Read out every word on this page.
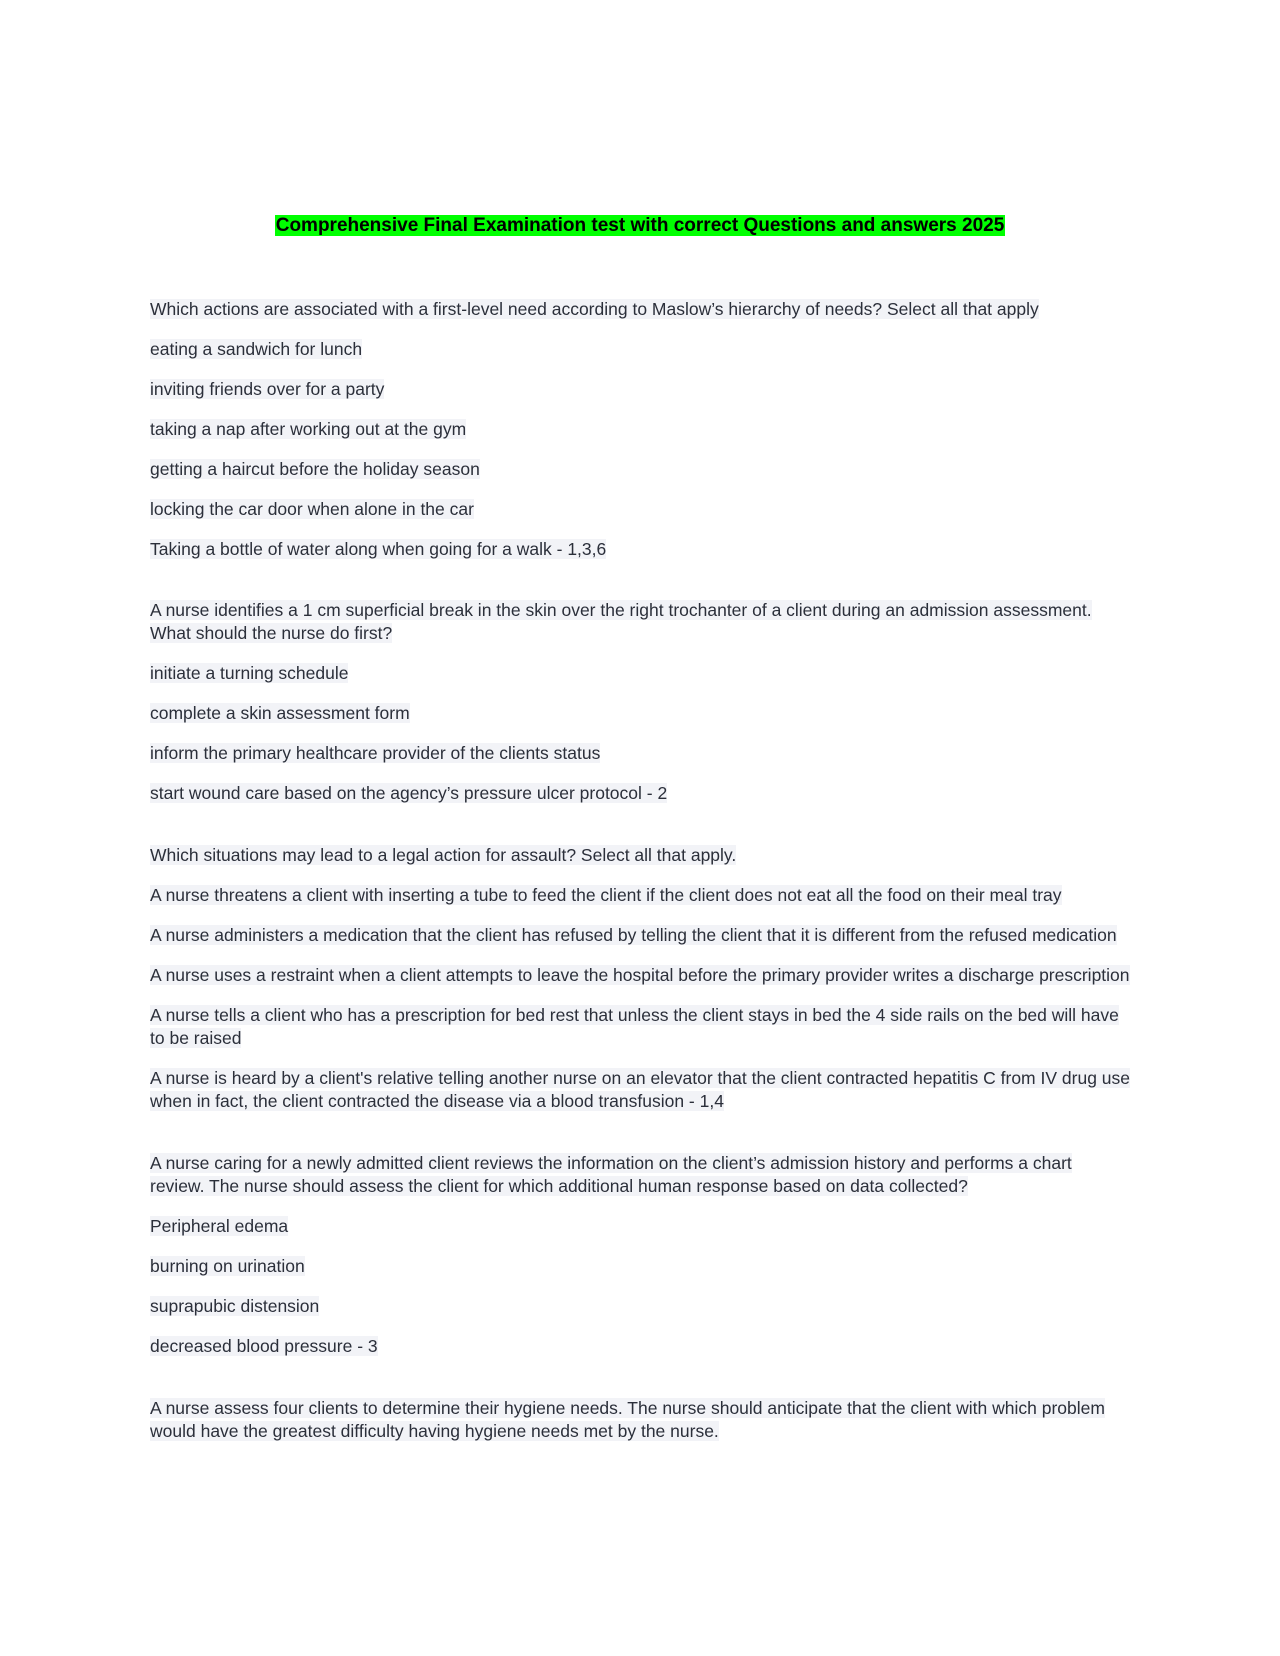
Comprehensive Final Examination test with correct Questions and answers 2025
Which actions are associated with a first-level need according to Maslow’s hierarchy of needs? Select all that apply
eating a sandwich for lunch
inviting friends over for a party
taking a nap after working out at the gym
getting a haircut before the holiday season
locking the car door when alone in the car
Taking a bottle of water along when going for a walk - 1,3,6
A nurse identifies a 1 cm superficial break in the skin over the right trochanter of a client during an admission assessment. What should the nurse do first?
initiate a turning schedule
complete a skin assessment form
inform the primary healthcare provider of the clients status
start wound care based on the agency’s pressure ulcer protocol - 2
Which situations may lead to a legal action for assault? Select all that apply.
A nurse threatens a client with inserting a tube to feed the client if the client does not eat all the food on their meal tray
A nurse administers a medication that the client has refused by telling the client that it is different from the refused medication
A nurse uses a restraint when a client attempts to leave the hospital before the primary provider writes a discharge prescription
A nurse tells a client who has a prescription for bed rest that unless the client stays in bed the 4 side rails on the bed will have to be raised
A nurse is heard by a client's relative telling another nurse on an elevator that the client contracted hepatitis C from IV drug use when in fact, the client contracted the disease via a blood transfusion - 1,4
A nurse caring for a newly admitted client reviews the information on the client’s admission history and performs a chart review. The nurse should assess the client for which additional human response based on data collected?
Peripheral edema
burning on urination
suprapubic distension
decreased blood pressure - 3
A nurse assess four clients to determine their hygiene needs. The nurse should anticipate that the client with which problem would have the greatest difficulty having hygiene needs met by the nurse.
